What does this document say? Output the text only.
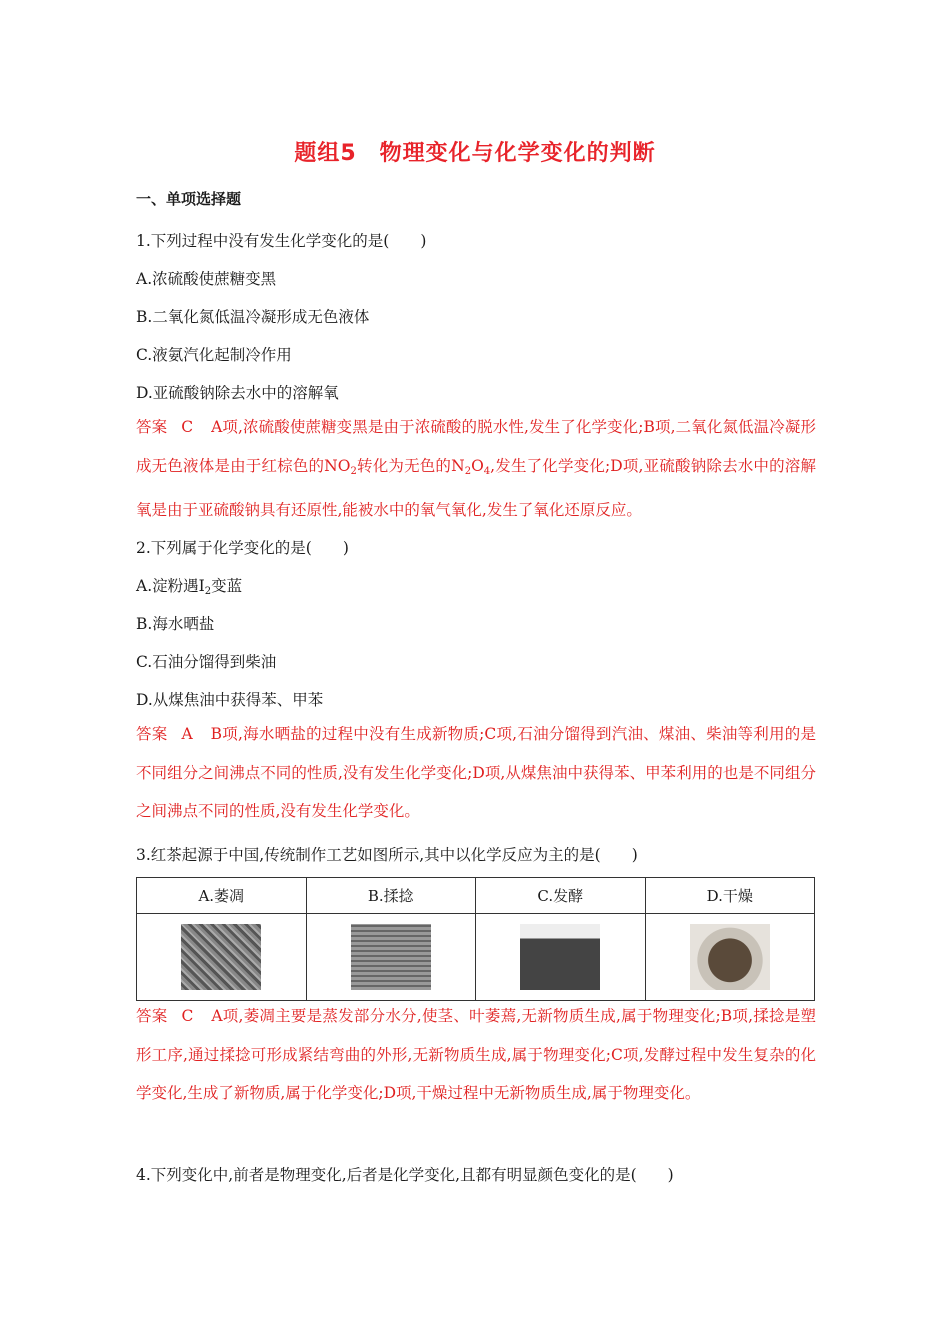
题组5　物理变化与化学变化的判断
一、单项选择题
1.下列过程中没有发生化学变化的是(　　)
A.浓硫酸使蔗糖变黑
B.二氧化氮低温冷凝形成无色液体
C.液氨汽化起制冷作用
D.亚硫酸钠除去水中的溶解氧
答案 C A项,浓硫酸使蔗糖变黑是由于浓硫酸的脱水性,发生了化学变化;B项,二氧化氮低温冷凝形成无色液体是由于红棕色的$NO_2$转化为无色的$N_2O_4$,发生了化学变化;D项,亚硫酸钠除去水中的溶解氧是由于亚硫酸钠具有还原性,能被水中的氧气氧化,发生了氧化还原反应。
2.下列属于化学变化的是(　　)
A.淀粉遇$I_2$变蓝
B.海水晒盐
C.石油分馏得到柴油
D.从煤焦油中获得苯、甲苯
答案 A B项,海水晒盐的过程中没有生成新物质;C项,石油分馏得到汽油、煤油、柴油等利用的是不同组分之间沸点不同的性质,没有发生化学变化;D项,从煤焦油中获得苯、甲苯利用的也是不同组分之间沸点不同的性质,没有发生化学变化。
3.红茶起源于中国,传统制作工艺如图所示,其中以化学反应为主的是(　　)
A.萎凋	B.揉捻	C.发酵	D.干燥

答案 C A项,萎凋主要是蒸发部分水分,使茎、叶萎蔫,无新物质生成,属于物理变化;B项,揉捻是塑形工序,通过揉捻可形成紧结弯曲的外形,无新物质生成,属于物理变化;C项,发酵过程中发生复杂的化学变化,生成了新物质,属于化学变化;D项,干燥过程中无新物质生成,属于物理变化。
4.下列变化中,前者是物理变化,后者是化学变化,且都有明显颜色变化的是(　　)
